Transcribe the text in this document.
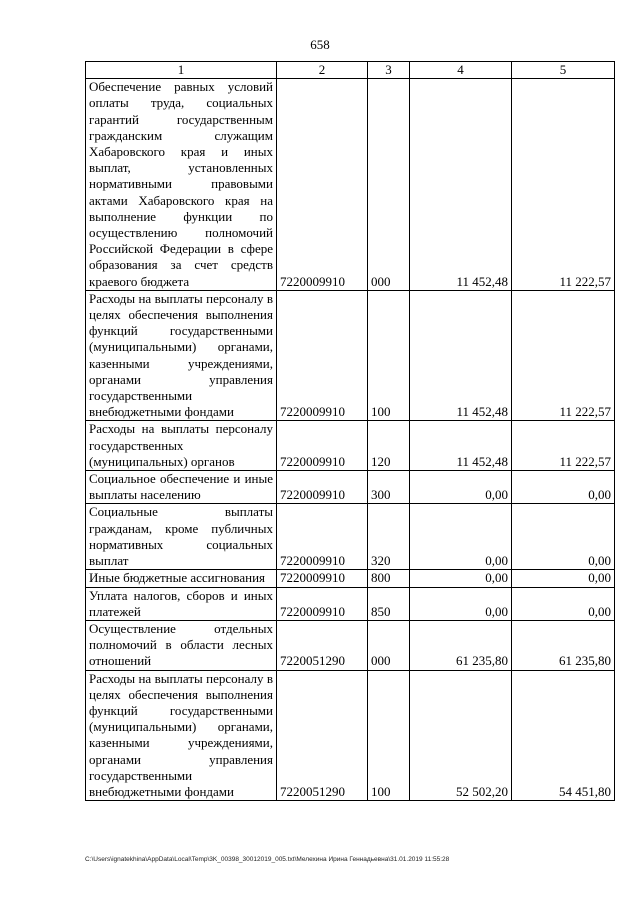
658
1	2	3	4	5
Обеспечение равных условий оплаты труда, социальных гарантий государственным гражданским служащим Хабаровского края и иных выплат, установленных нормативными правовыми актами Хабаровского края на выполнение функции по осуществлению полномочий Российской Федерации в сфере образования за счет средств краевого бюджета	7220009910	000	11 452,48	11 222,57
Расходы на выплаты персоналу в целях обеспечения выполнения функций государственными (муниципальными) органами, казенными учреждениями, органами управления государственными внебюджетными фондами	7220009910	100	11 452,48	11 222,57
Расходы на выплаты персоналу государственных (муниципальных) органов	7220009910	120	11 452,48	11 222,57
Социальное обеспечение и иные выплаты населению	7220009910	300	0,00	0,00
Социальные выплаты гражданам, кроме публичных нормативных социальных выплат	7220009910	320	0,00	0,00
Иные бюджетные ассигнования	7220009910	800	0,00	0,00
Уплата налогов, сборов и иных платежей	7220009910	850	0,00	0,00
Осуществление отдельных полномочий в области лесных отношений	7220051290	000	61 235,80	61 235,80
Расходы на выплаты персоналу в целях обеспечения выполнения функций государственными (муниципальными) органами, казенными учреждениями, органами управления государственными внебюджетными фондами	7220051290	100	52 502,20	54 451,80
C:\Users\ignatekhina\AppData\Local\Temp\3K_00398_30012019_005.txt\Мелехина Ирина Геннадьевна\31.01.2019 11:55:28
